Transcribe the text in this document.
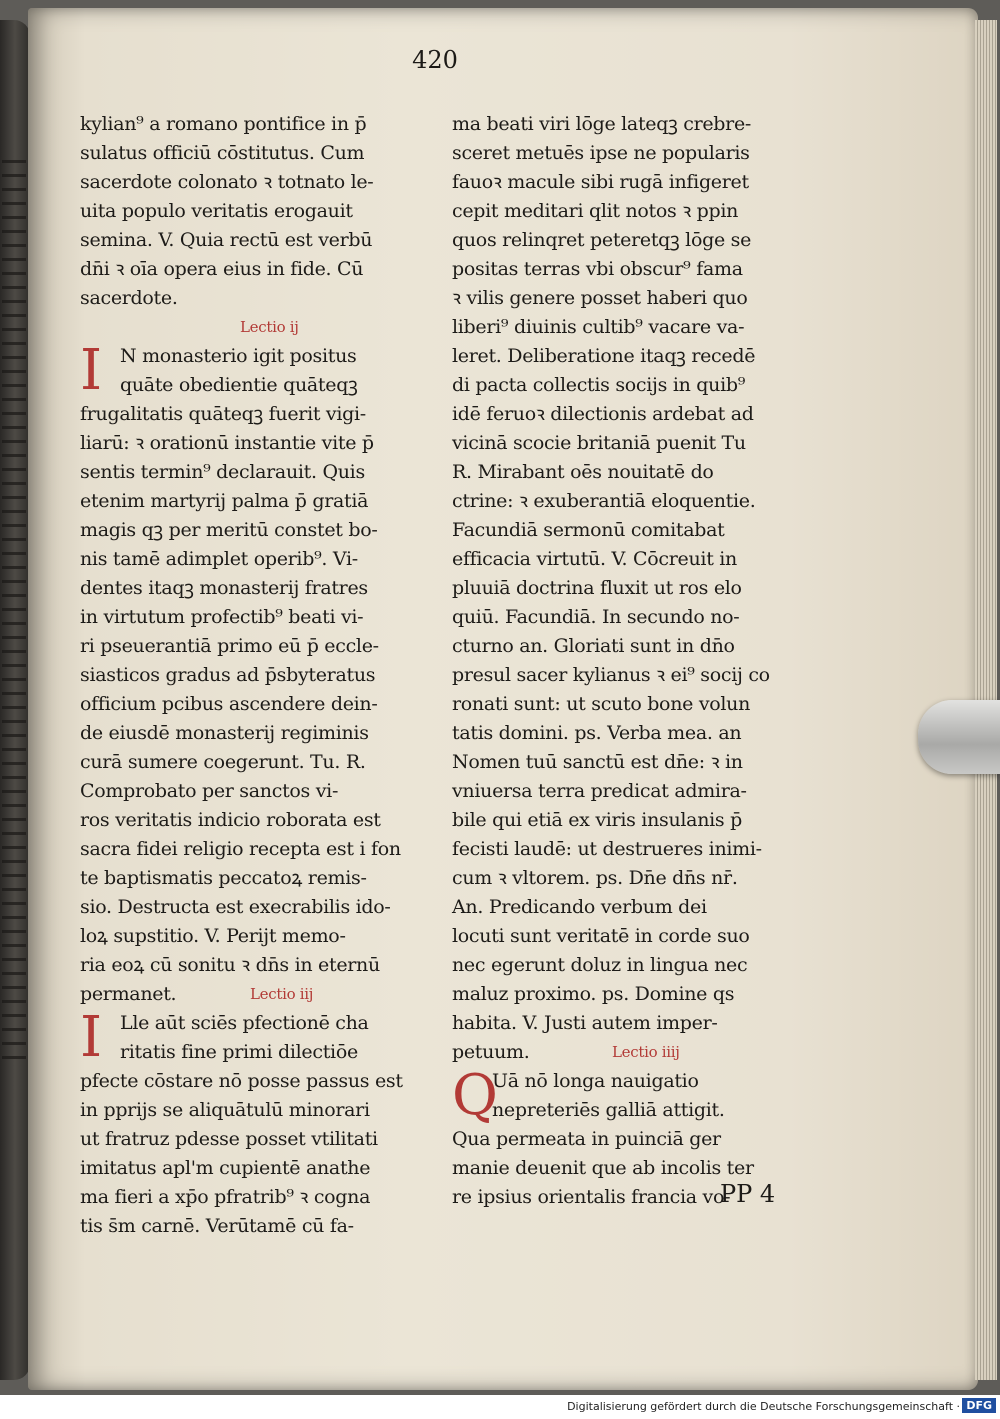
420
kylian⁹ a romano pontifice in p̄
sulatus officiū cōstitutus. Cum
sacerdote colonato ꝛ totnato le-
uita populo veritatis erogauit
semina. V. Quia rectū est verbū
dn̄i ꝛ oīa opera eius in fide. Cū
sacerdote.
Lectio ij
I N monasterio igit positus
quāte obedientie quāteqꝫ
frugalitatis quāteqꝫ fuerit vigi-
liarū: ꝛ orationū instantie vite p̄
sentis termin⁹ declarauit. Quis
etenim martyrij palma p̄ gratiā
magis qꝫ per meritū constet bo-
nis tamē adimplet operib⁹. Vi-
dentes itaqꝫ monasterij fratres
in virtutum profectib⁹ beati vi-
ri pseuerantiā primo eū p̄ eccle-
siasticos gradus ad p̄sbyteratus
officium pcibus ascendere dein-
de eiusdē monasterij regiminis
curā sumere coegerunt. Tu. R.
Comprobato per sanctos vi-
ros veritatis indicio roborata est
sacra fidei religio recepta est i fon
te baptismatis peccatoꝝ remis-
sio. Destructa est execrabilis ido-
loꝝ supstitio. V. Perijt memo-
ria eoꝝ cū sonitu ꝛ dn̄s in eternū
permanet.	Lectio iij
I Lle aūt sciēs pfectionē cha
ritatis fine primi dilectiōe
pfecte cōstare nō posse passus est
in pprijs se aliquātulū minorari
ut fratruz pdesse posset vtilitati
imitatus apl'm cupientē anathe
ma fieri a xp̄o pfratrib⁹ ꝛ cogna
tis s̄m carnē. Verūtamē cū fa-
ma beati viri lōge lateqꝫ crebre-
sceret metuēs ipse ne popularis
fauoꝛ macule sibi rugā infigeret
cepit meditari qlit notos ꝛ ppin
quos relinqret peteretqꝫ lōge se
positas terras vbi obscur⁹ fama
ꝛ vilis genere posset haberi quo
liberi⁹ diuinis cultib⁹ vacare va-
leret. Deliberatione itaqꝫ recedē
di pacta collectis socijs in quib⁹
idē feruoꝛ dilectionis ardebat ad
vicinā scocie britaniā puenit Tu
R. Mirabant oēs nouitatē do
ctrine: ꝛ exuberantiā eloquentie.
Facundiā sermonū comitabat
efficacia virtutū. V. Cōcreuit in
pluuiā doctrina fluxit ut ros elo
quiū. Facundiā. In secundo no-
cturno an. Gloriati sunt in dn̄o
presul sacer kylianus ꝛ ei⁹ socij co
ronati sunt: ut scuto bone volun
tatis domini. ps. Verba mea. an
Nomen tuū sanctū est dn̄e: ꝛ in
vniuersa terra predicat admira-
bile qui etiā ex viris insulanis p̄
fecisti laudē: ut destrueres inimi-
cum ꝛ vltorem. ps. Dn̄e dn̄s nr̄.
An. Predicando verbum dei
locuti sunt veritatē in corde suo
nec egerunt doluz in lingua nec
maluz proximo. ps. Domine qs
habita. V. Justi autem imper-
petuum.	Lectio iiij
Q
Uā nō longa nauigatio
nepreteriēs galliā attigit.
Qua permeata in puinciā ger
manie deuenit que ab incolis ter
re ipsius orientalis francia vo-
PP 4
Digitalisierung gefördert durch die Deutsche Forschungsgemeinschaft · DFG
